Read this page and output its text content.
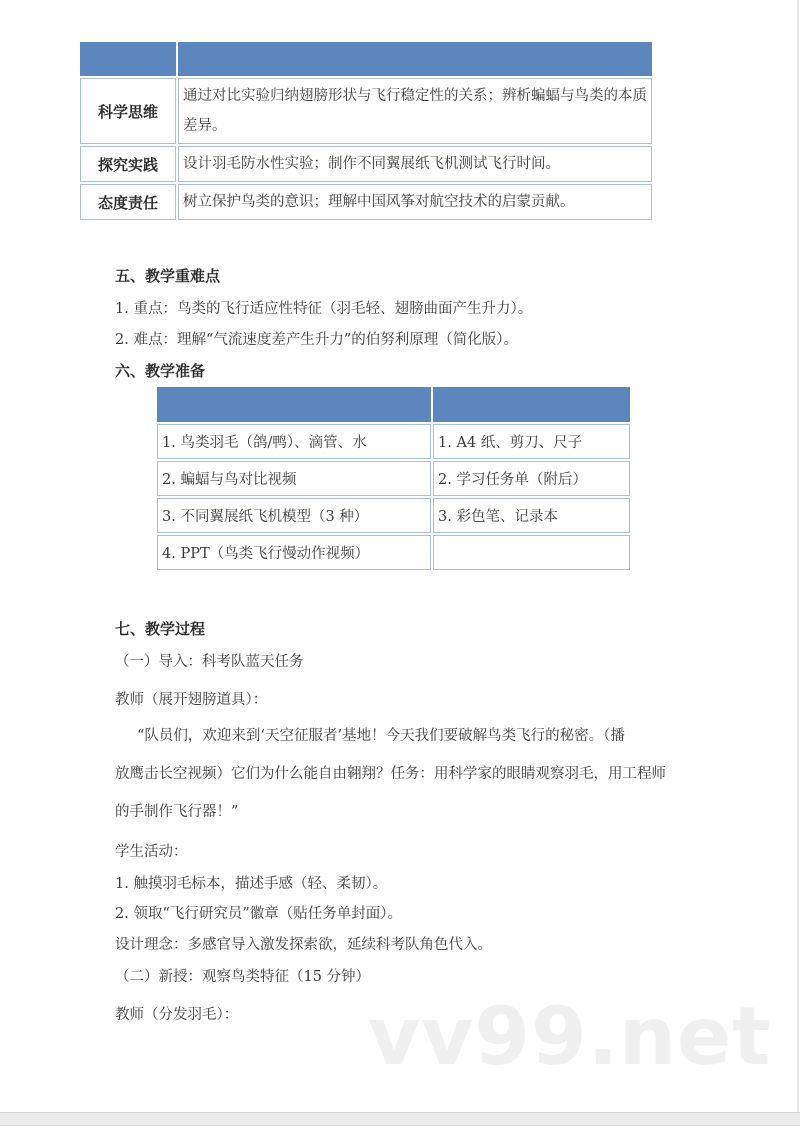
科学思维	通过对比实验归纳翅膀形状与飞行稳定性的关系；辨析蝙蝠与鸟类的本质差异。
探究实践	设计羽毛防水性实验；制作不同翼展纸飞机测试飞行时间。
态度责任	树立保护鸟类的意识；理解中国风筝对航空技术的启蒙贡献。
五、教学重难点

1. 重点：鸟类的飞行适应性特征（羽毛轻、翅膀曲面产生升力）。

2. 难点：理解“气流速度差产生升力”的伯努利原理（简化版）。

六、教学准备

1. 鸟类羽毛（鸽/鸭）、滴管、水	1. A4 纸、剪刀、尺子
2. 蝙蝠与鸟对比视频	2. 学习任务单（附后）
3. 不同翼展纸飞机模型（3 种）	3. 彩色笔、记录本
4. PPT（鸟类飞行慢动作视频）	
七、教学过程

（一）导入：科考队蓝天任务

教师（展开翅膀道具）：

“队员们，欢迎来到‘天空征服者’基地！今天我们要破解鸟类飞行的秘密。（播
放鹰击长空视频）它们为什么能自由翱翔？任务：用科学家的眼睛观察羽毛，用工程师
的手制作飞行器！”

学生活动：

1. 触摸羽毛标本，描述手感（轻、柔韧）。

2. 领取“飞行研究员”徽章（贴任务单封面）。

设计理念：多感官导入激发探索欲，延续科考队角色代入。

（二）新授：观察鸟类特征（15 分钟）

教师（分发羽毛）： vv99.net
